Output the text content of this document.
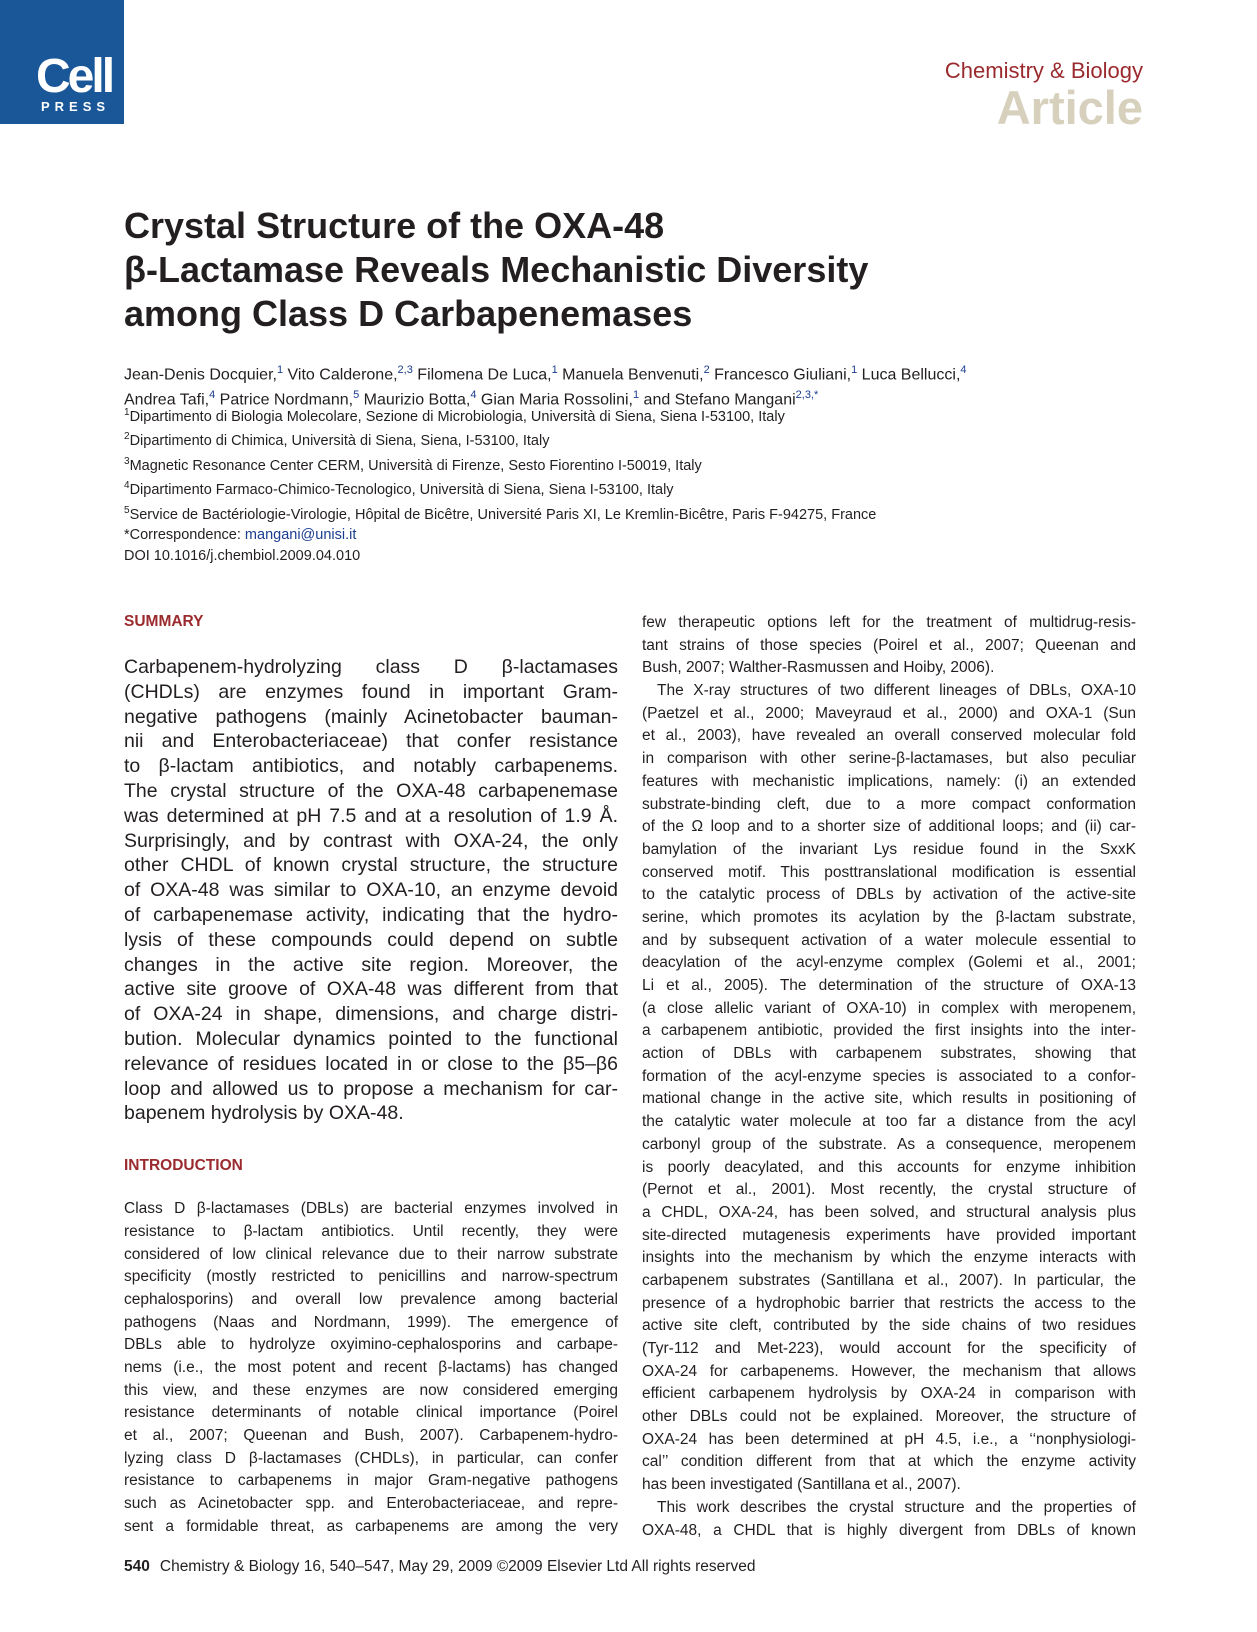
Cell
PRESS
Chemistry & Biology
Article
Crystal Structure of the OXA-48
β-Lactamase Reveals Mechanistic Diversity
among Class D Carbapenemases
Jean-Denis Docquier,$^1$ Vito Calderone,$^{2,3}$ Filomena De Luca,$^1$ Manuela Benvenuti,$^2$ Francesco Giuliani,$^1$ Luca Bellucci,$^4$
Andrea Tafi,$^4$ Patrice Nordmann,$^5$ Maurizio Botta,$^4$ Gian Maria Rossolini,$^1$ and Stefano Mangani$^{2,3,*}$
$^1$Dipartimento di Biologia Molecolare, Sezione di Microbiologia, Università di Siena, Siena I-53100, Italy
$^2$Dipartimento di Chimica, Università di Siena, Siena, I-53100, Italy
$^3$Magnetic Resonance Center CERM, Università di Firenze, Sesto Fiorentino I-50019, Italy
$^4$Dipartimento Farmaco-Chimico-Tecnologico, Università di Siena, Siena I-53100, Italy
$^5$Service de Bactériologie-Virologie, Hôpital de Bicêtre, Université Paris XI, Le Kremlin-Bicêtre, Paris F-94275, France
*Correspondence: mangani@unisi.it
DOI 10.1016/j.chembiol.2009.04.010
SUMMARY
Carbapenem-hydrolyzing class D β-lactamases
(CHDLs) are enzymes found in important Gram-
negative pathogens (mainly Acinetobacter bauman-
nii and Enterobacteriaceae) that confer resistance
to β-lactam antibiotics, and notably carbapenems.
The crystal structure of the OXA-48 carbapenemase
was determined at pH 7.5 and at a resolution of 1.9 Å.
Surprisingly, and by contrast with OXA-24, the only
other CHDL of known crystal structure, the structure
of OXA-48 was similar to OXA-10, an enzyme devoid
of carbapenemase activity, indicating that the hydro-
lysis of these compounds could depend on subtle
changes in the active site region. Moreover, the
active site groove of OXA-48 was different from that
of OXA-24 in shape, dimensions, and charge distri-
bution. Molecular dynamics pointed to the functional
relevance of residues located in or close to the β5–β6
loop and allowed us to propose a mechanism for car-
bapenem hydrolysis by OXA-48.
INTRODUCTION
Class D β-lactamases (DBLs) are bacterial enzymes involved in
resistance to β-lactam antibiotics. Until recently, they were
considered of low clinical relevance due to their narrow substrate
specificity (mostly restricted to penicillins and narrow-spectrum
cephalosporins) and overall low prevalence among bacterial
pathogens (Naas and Nordmann, 1999). The emergence of
DBLs able to hydrolyze oxyimino-cephalosporins and carbape-
nems (i.e., the most potent and recent β-lactams) has changed
this view, and these enzymes are now considered emerging
resistance determinants of notable clinical importance (Poirel
et al., 2007; Queenan and Bush, 2007). Carbapenem-hydro-
lyzing class D β-lactamases (CHDLs), in particular, can confer
resistance to carbapenems in major Gram-negative pathogens
such as Acinetobacter spp. and Enterobacteriaceae, and repre-
sent a formidable threat, as carbapenems are among the very
few therapeutic options left for the treatment of multidrug-resis-
tant strains of those species (Poirel et al., 2007; Queenan and
Bush, 2007; Walther-Rasmussen and Hoiby, 2006).
The X-ray structures of two different lineages of DBLs, OXA-10
(Paetzel et al., 2000; Maveyraud et al., 2000) and OXA-1 (Sun
et al., 2003), have revealed an overall conserved molecular fold
in comparison with other serine-β-lactamases, but also peculiar
features with mechanistic implications, namely: (i) an extended
substrate-binding cleft, due to a more compact conformation
of the Ω loop and to a shorter size of additional loops; and (ii) car-
bamylation of the invariant Lys residue found in the SxxK
conserved motif. This posttranslational modification is essential
to the catalytic process of DBLs by activation of the active-site
serine, which promotes its acylation by the β-lactam substrate,
and by subsequent activation of a water molecule essential to
deacylation of the acyl-enzyme complex (Golemi et al., 2001;
Li et al., 2005). The determination of the structure of OXA-13
(a close allelic variant of OXA-10) in complex with meropenem,
a carbapenem antibiotic, provided the first insights into the inter-
action of DBLs with carbapenem substrates, showing that
formation of the acyl-enzyme species is associated to a confor-
mational change in the active site, which results in positioning of
the catalytic water molecule at too far a distance from the acyl
carbonyl group of the substrate. As a consequence, meropenem
is poorly deacylated, and this accounts for enzyme inhibition
(Pernot et al., 2001). Most recently, the crystal structure of
a CHDL, OXA-24, has been solved, and structural analysis plus
site-directed mutagenesis experiments have provided important
insights into the mechanism by which the enzyme interacts with
carbapenem substrates (Santillana et al., 2007). In particular, the
presence of a hydrophobic barrier that restricts the access to the
active site cleft, contributed by the side chains of two residues
(Tyr-112 and Met-223), would account for the specificity of
OXA-24 for carbapenems. However, the mechanism that allows
efficient carbapenem hydrolysis by OXA-24 in comparison with
other DBLs could not be explained. Moreover, the structure of
OXA-24 has been determined at pH 4.5, i.e., a ‘‘nonphysiologi-
cal’’ condition different from that at which the enzyme activity
has been investigated (Santillana et al., 2007).
This work describes the crystal structure and the properties of
OXA-48, a CHDL that is highly divergent from DBLs of known
540 Chemistry & Biology 16, 540–547, May 29, 2009 ©2009 Elsevier Ltd All rights reserved
